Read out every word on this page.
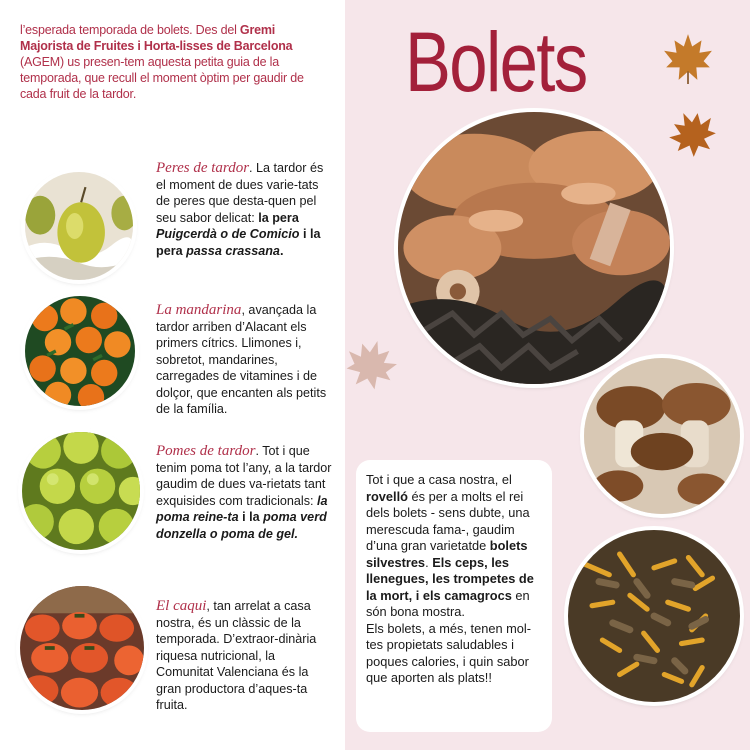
l’esperada temporada de bolets. Des del Gremi Majorista de Fruites i Horta-lisses de Barcelona (AGEM) us presen-tem aquesta petita guia de la temporada, que recull el moment òptim per gaudir de cada fruit de la tardor.	Bolets
Peres de tardor. La tardor és el moment de dues varie-tats de peres que desta-quen pel seu sabor delicat: la pera Puigcerdà o de Comicio i la pera passa crassana.
La mandarina, avançada la tardor arriben d’Alacant els primers cítrics. Llimones i, sobretot, mandarines, carregades de vitamines i de dolçor, que encanten als petits de la família.
Pomes de tardor. Tot i que tenim poma tot l’any, a la tardor gaudim de dues va-rietats tant exquisides com tradicionals: la poma reine-ta i la poma verd donzella o poma de gel.
El caqui, tan arrelat a casa nostra, és un clàssic de la temporada. D’extraor-dinària riquesa nutricional, la Comunitat Valenciana és la gran productora d’aques-ta fruita.
Tot i que a casa nostra, el rovelló és per a molts el rei dels bolets - sens dubte, una merescuda fama-, gaudim d’una gran varietatde bolets silvestres. Els ceps, les llenegues, les trompetes de la mort, i els camagrocs en són bona mostra.
Els bolets, a més, tenen mol-tes propietats saludables i poques calories, i quin sabor que aporten als plats!!
